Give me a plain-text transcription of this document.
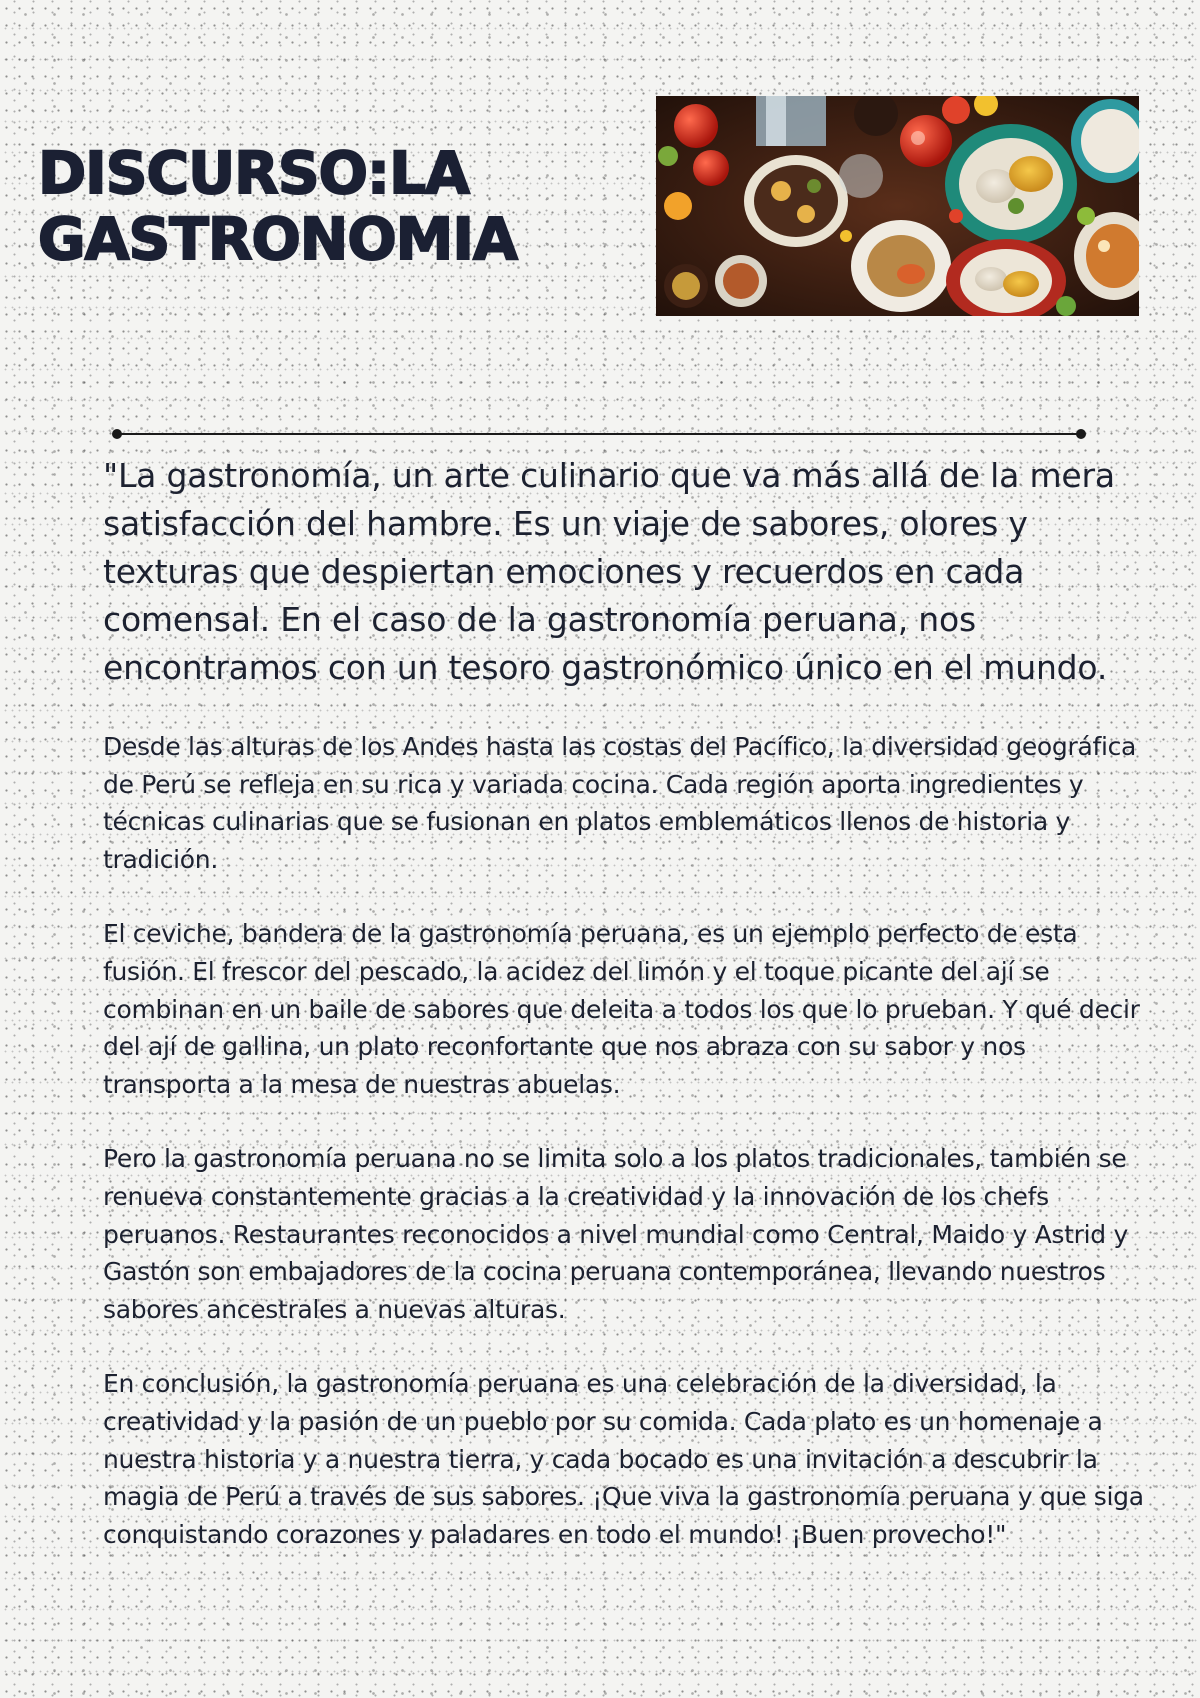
DISCURSO:LA
GASTRONOMIA

"La gastronomía, un arte culinario que va más allá de la mera satisfacción del hambre. Es un viaje de sabores, olores y texturas que despiertan emociones y recuerdos en cada comensal. En el caso de la gastronomía peruana, nos encontramos con un tesoro gastronómico único en el mundo.

Desde las alturas de los Andes hasta las costas del Pacífico, la diversidad geográfica de Perú se refleja en su rica y variada cocina. Cada región aporta ingredientes y técnicas culinarias que se fusionan en platos emblemáticos llenos de historia y tradición.

El ceviche, bandera de la gastronomía peruana, es un ejemplo perfecto de esta fusión. El frescor del pescado, la acidez del limón y el toque picante del ají se combinan en un baile de sabores que deleita a todos los que lo prueban. Y qué decir del ají de gallina, un plato reconfortante que nos abraza con su sabor y nos transporta a la mesa de nuestras abuelas.

Pero la gastronomía peruana no se limita solo a los platos tradicionales, también se renueva constantemente gracias a la creatividad y la innovación de los chefs peruanos. Restaurantes reconocidos a nivel mundial como Central, Maido y Astrid y Gastón son embajadores de la cocina peruana contemporánea, llevando nuestros sabores ancestrales a nuevas alturas.

En conclusión, la gastronomía peruana es una celebración de la diversidad, la creatividad y la pasión de un pueblo por su comida. Cada plato es un homenaje a nuestra historia y a nuestra tierra, y cada bocado es una invitación a descubrir la magia de Perú a través de sus sabores. ¡Que viva la gastronomía peruana y que siga conquistando corazones y paladares en todo el mundo! ¡Buen provecho!"
